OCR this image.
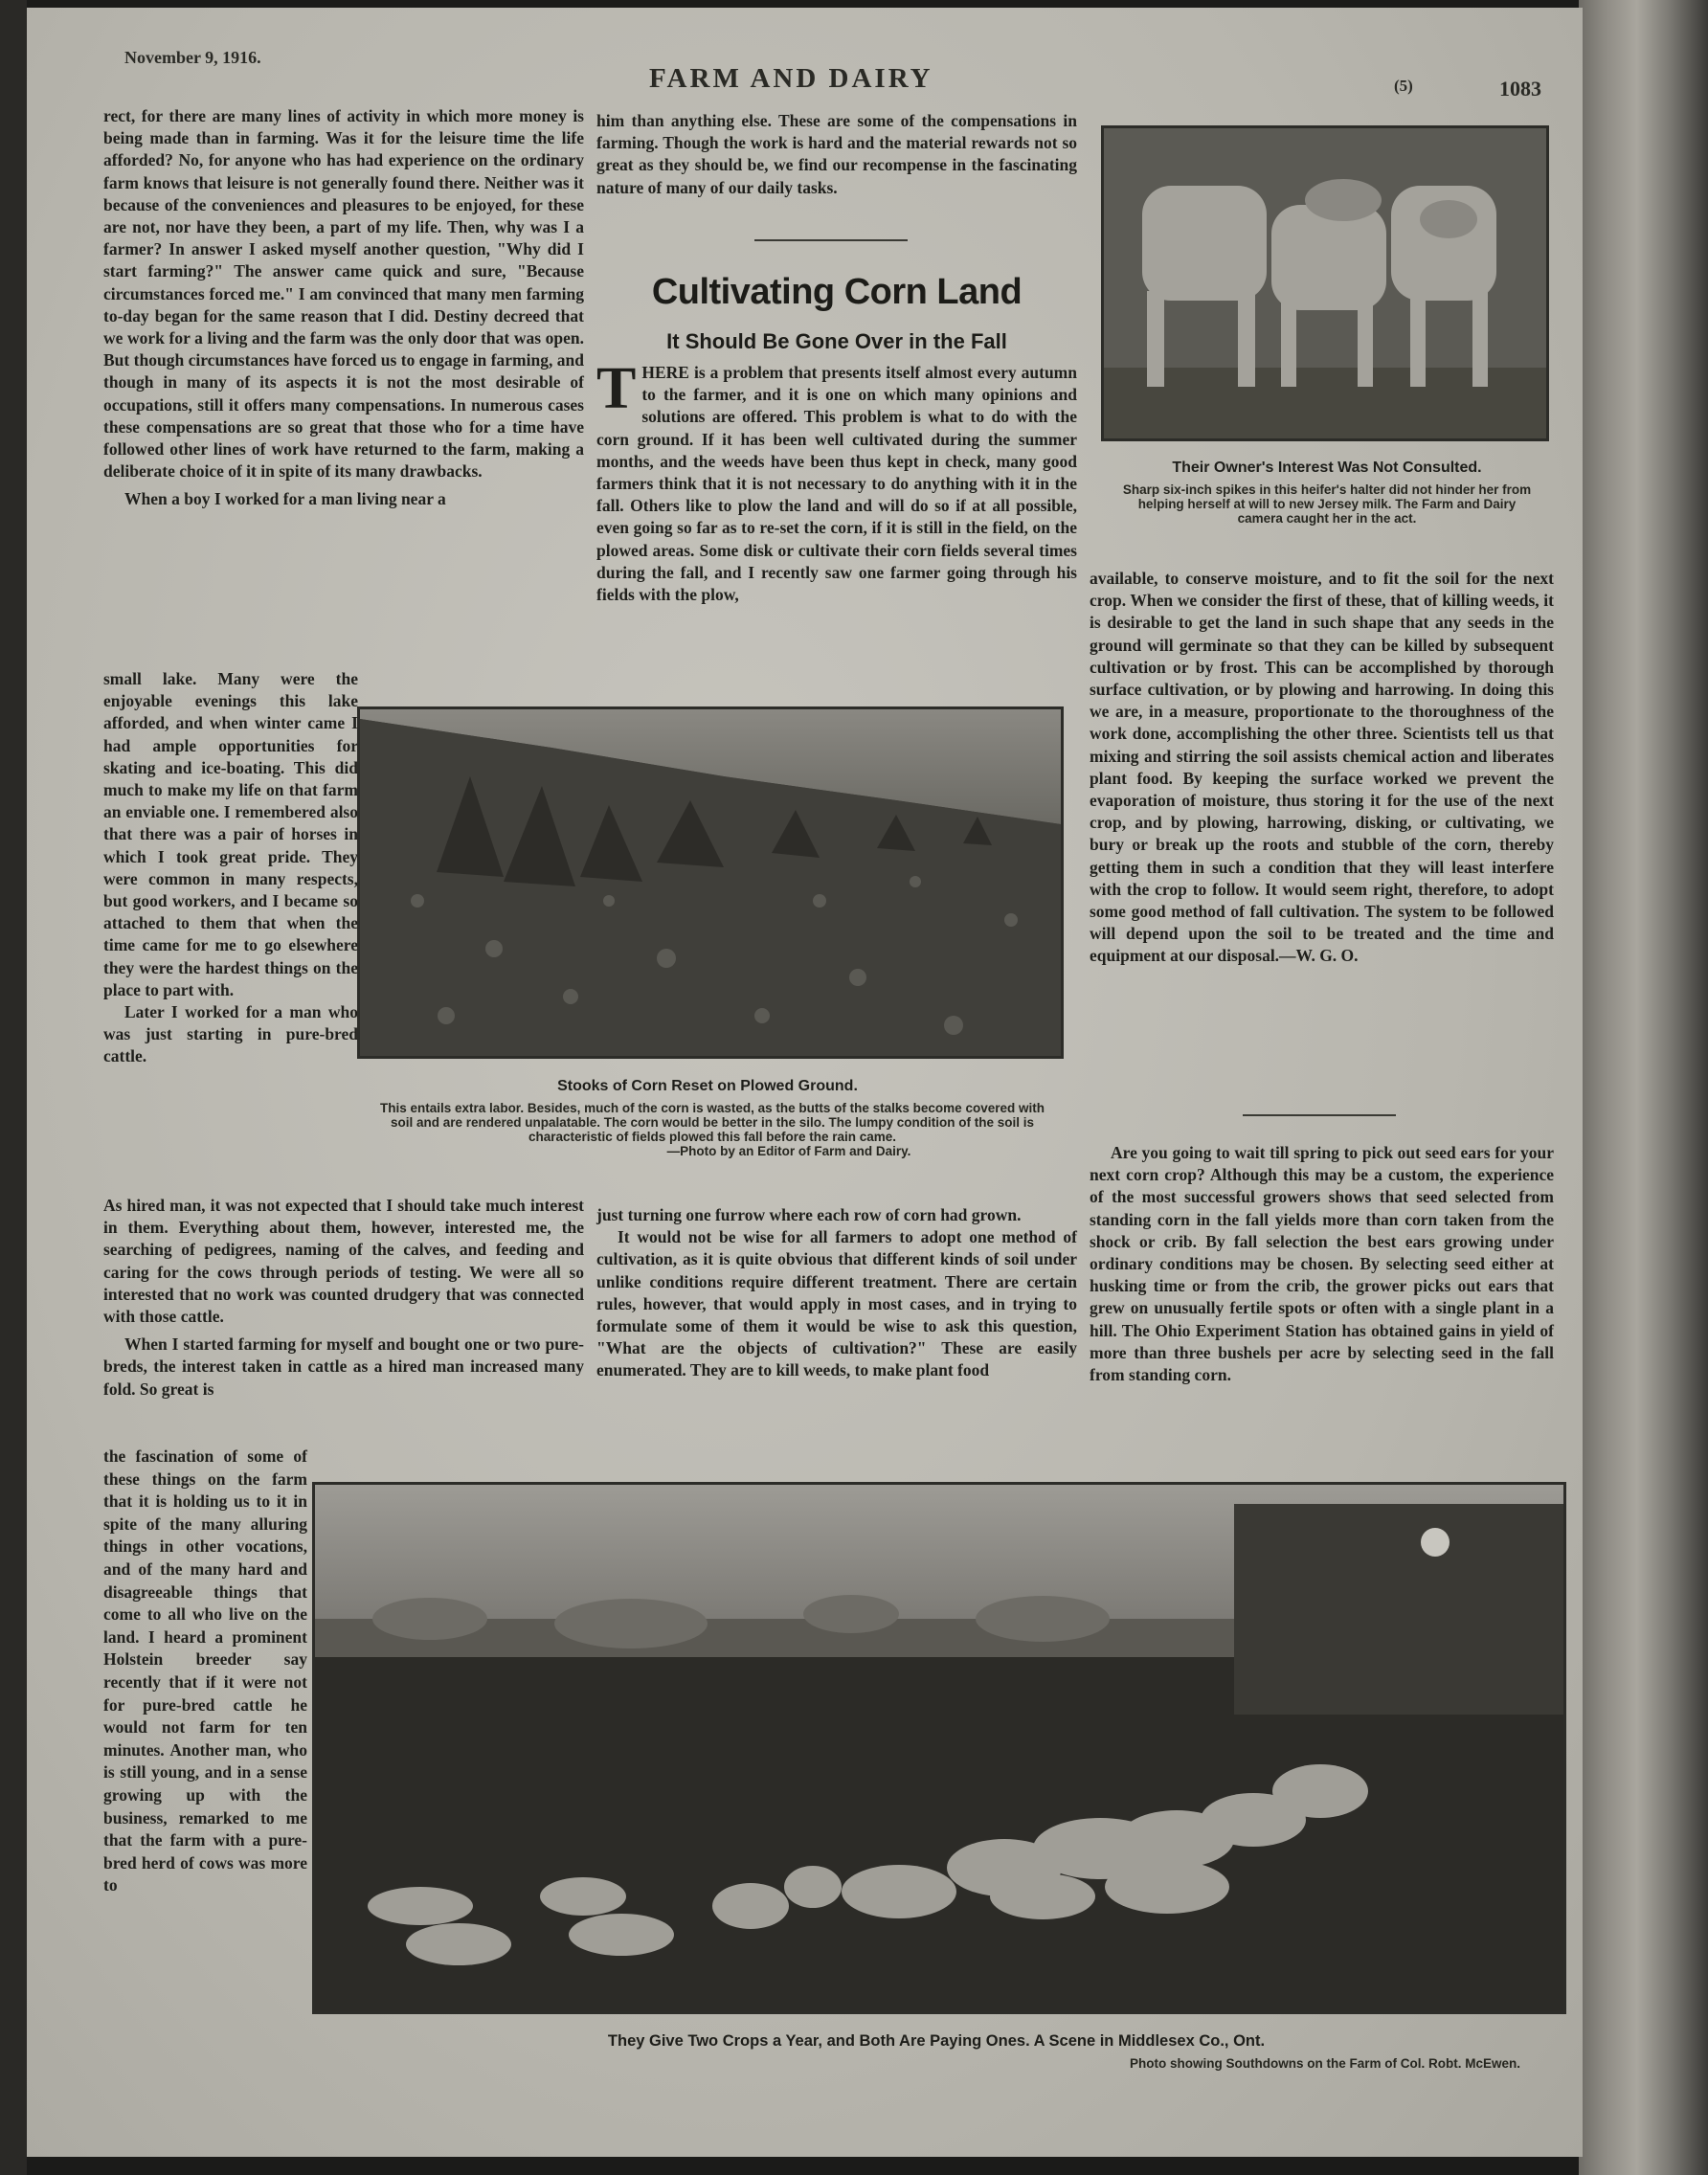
November 9, 1916.
FARM AND DAIRY	(5)	1083

rect, for there are many lines of activity in which more money is being made than in farming. Was it for the leisure time the life afforded? No, for anyone who has had experience on the ordinary farm knows that leisure is not generally found there. Neither was it because of the conveniences and pleasures to be enjoyed, for these are not, nor have they been, a part of my life. Then, why was I a farmer? In answer I asked myself another question, "Why did I start farming?" The answer came quick and sure, "Because circumstances forced me." I am convinced that many men farming to-day began for the same reason that I did. Destiny decreed that we work for a living and the farm was the only door that was open. But though circumstances have forced us to engage in farming, and though in many of its aspects it is not the most desirable of occupations, still it offers many compensations. In numerous cases these compensations are so great that those who for a time have followed other lines of work have returned to the farm, making a deliberate choice of it in spite of its many drawbacks.

When a boy I worked for a man living near a

small lake. Many were the enjoyable evenings this lake afforded, and when winter came I had ample opportunities for skating and ice-boating. This did much to make my life on that farm an enviable one. I remembered also that there was a pair of horses in which I took great pride. They were common in many respects, but good workers, and I became so attached to them that when the time came for me to go elsewhere they were the hardest things on the place to part with.

Later I worked for a man who was just starting in pure-bred cattle.

As hired man, it was not expected that I should take much interest in them. Everything about them, however, interested me, the searching of pedigrees, naming of the calves, and feeding and caring for the cows through periods of testing. We were all so interested that no work was counted drudgery that was connected with those cattle.

When I started farming for myself and bought one or two pure-breds, the interest taken in cattle as a hired man increased many fold. So great is

the fascination of some of these things on the farm that it is holding us to it in spite of the many alluring things in other vocations, and of the many hard and disagreeable things that come to all who live on the land. I heard a prominent Holstein breeder say recently that if it were not for pure-bred cattle he would not farm for ten minutes. Another man, who is still young, and in a sense growing up with the business, remarked to me that the farm with a pure-bred herd of cows was more to

him than anything else. These are some of the compensations in farming. Though the work is hard and the material rewards not so great as they should be, we find our recompense in the fascinating nature of many of our daily tasks.

Cultivating Corn Land
It Should Be Gone Over in the Fall

THERE is a problem that presents itself almost every autumn to the farmer, and it is one on which many opinions and solutions are offered. This problem is what to do with the corn ground. If it has been well cultivated during the summer months, and the weeds have been thus kept in check, many good farmers think that it is not necessary to do anything with it in the fall. Others like to plow the land and will do so if at all possible, even going so far as to re-set the corn, if it is still in the field, on the plowed areas. Some disk or cultivate their corn fields several times during the fall, and I recently saw one farmer going through his fields with the plow,

Stooks of Corn Reset on Plowed Ground.
This entails extra labor. Besides, much of the corn is wasted, as the butts of the stalks become covered with soil and are rendered unpalatable. The corn would be better in the silo. The lumpy condition of the soil is characteristic of fields plowed this fall before the rain came.
—Photo by an Editor of Farm and Dairy.

just turning one furrow where each row of corn had grown.

It would not be wise for all farmers to adopt one method of cultivation, as it is quite obvious that different kinds of soil under unlike conditions require different treatment. There are certain rules, however, that would apply in most cases, and in trying to formulate some of them it would be wise to ask this question, "What are the objects of cultivation?" These are easily enumerated. They are to kill weeds, to make plant food

Their Owner's Interest Was Not Consulted.
Sharp six-inch spikes in this heifer's halter did not hinder her from helping herself at will to new Jersey milk. The Farm and Dairy camera caught her in the act.

available, to conserve moisture, and to fit the soil for the next crop. When we consider the first of these, that of killing weeds, it is desirable to get the land in such shape that any seeds in the ground will germinate so that they can be killed by subsequent cultivation or by frost. This can be accomplished by thorough surface cultivation, or by plowing and harrowing. In doing this we are, in a measure, proportionate to the thoroughness of the work done, accomplishing the other three. Scientists tell us that mixing and stirring the soil assists chemical action and liberates plant food. By keeping the surface worked we prevent the evaporation of moisture, thus storing it for the use of the next crop, and by plowing, harrowing, disking, or cultivating, we bury or break up the roots and stubble of the corn, thereby getting them in such a condition that they will least interfere with the crop to follow. It would seem right, therefore, to adopt some good method of fall cultivation. The system to be followed will depend upon the soil to be treated and the time and equipment at our disposal.—W. G. O.

Are you going to wait till spring to pick out seed ears for your next corn crop? Although this may be a custom, the experience of the most successful growers shows that seed selected from standing corn in the fall yields more than corn taken from the shock or crib. By fall selection the best ears growing under ordinary conditions may be chosen. By selecting seed either at husking time or from the crib, the grower picks out ears that grew on unusually fertile spots or often with a single plant in a hill. The Ohio Experiment Station has obtained gains in yield of more than three bushels per acre by selecting seed in the fall from standing corn.

They Give Two Crops a Year, and Both Are Paying Ones. A Scene in Middlesex Co., Ont.
Photo showing Southdowns on the Farm of Col. Robt. McEwen.
